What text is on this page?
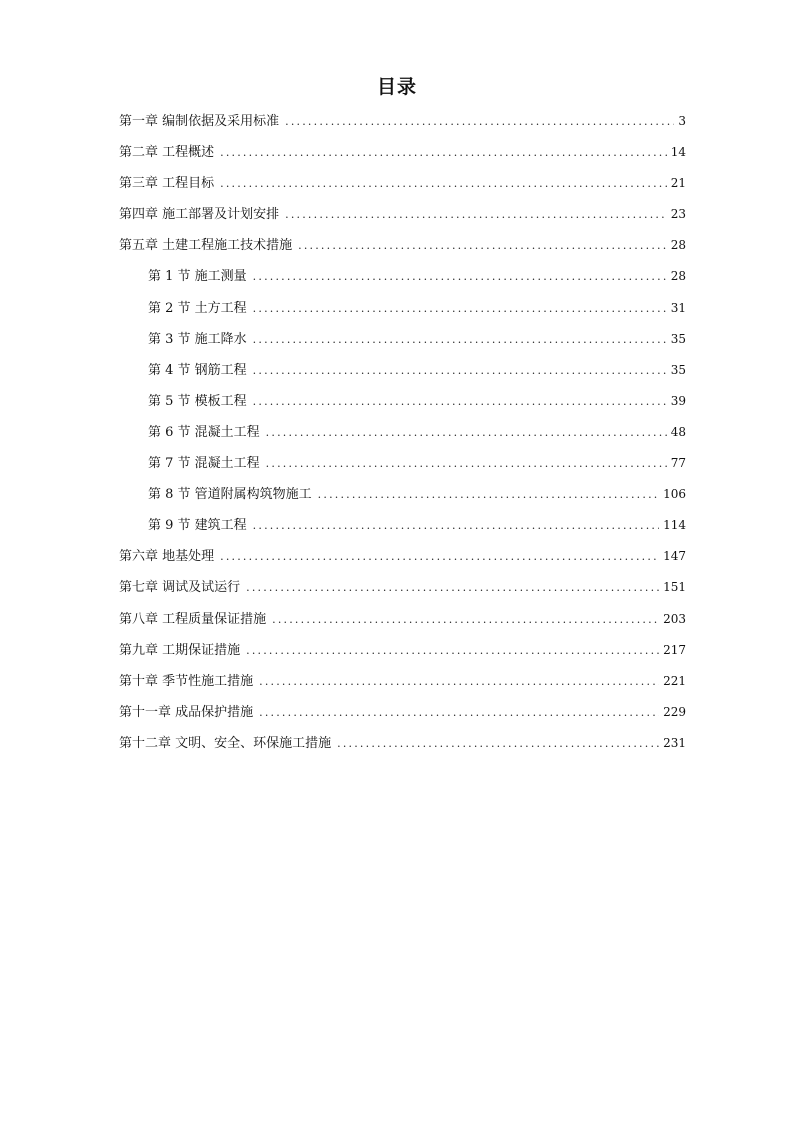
目录
第一章 编制依据及采用标准 .....	3
第二章 工程概述 .....	14
第三章 工程目标 .....	21
第四章 施工部署及计划安排 .....	23
第五章 土建工程施工技术措施 .....	28
第 1 节 施工测量 .....	28
第 2 节 土方工程 .....	31
第 3 节 施工降水 .....	35
第 4 节 钢筋工程 .....	35
第 5 节 模板工程 .....	39
第 6 节 混凝土工程 .....	48
第 7 节 混凝土工程 .....	77
第 8 节 管道附属构筑物施工 .....	106
第 9 节 建筑工程 .....	114
第六章 地基处理 .....	147
第七章 调试及试运行 .....	151
第八章 工程质量保证措施 .....	203
第九章 工期保证措施 .....	217
第十章 季节性施工措施 .....	221
第十一章 成品保护措施 .....	229
第十二章 文明、安全、环保施工措施 .....	231
